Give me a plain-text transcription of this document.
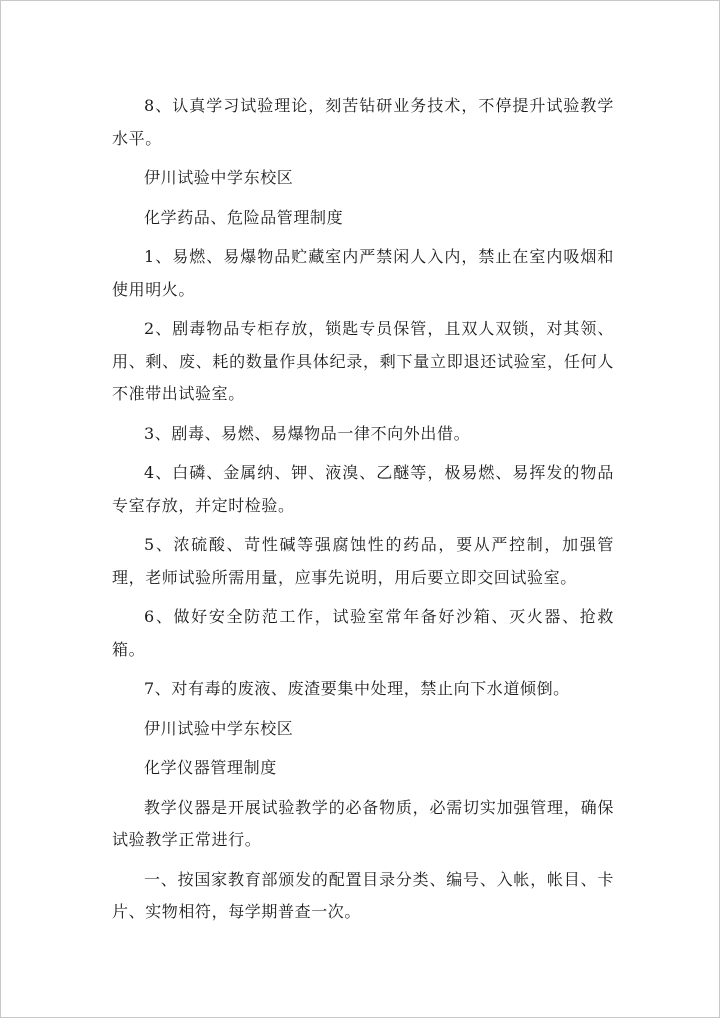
8、认真学习试验理论，刻苦钻研业务技术，不停提升试验教学水平。

伊川试验中学东校区

化学药品、危险品管理制度

1、易燃、易爆物品贮藏室内严禁闲人入内，禁止在室内吸烟和使用明火。

2、剧毒物品专柜存放，锁匙专员保管，且双人双锁，对其领、用、剩、废、耗的数量作具体纪录，剩下量立即退还试验室，任何人不准带出试验室。

3、剧毒、易燃、易爆物品一律不向外出借。

4、白磷、金属纳、钾、液溴、乙醚等，极易燃、易挥发的物品专室存放，并定时检验。

5、浓硫酸、苛性碱等强腐蚀性的药品，要从严控制，加强管理，老师试验所需用量，应事先说明，用后要立即交回试验室。

6、做好安全防范工作，试验室常年备好沙箱、灭火器、抢救箱。

7、对有毒的废液、废渣要集中处理，禁止向下水道倾倒。

伊川试验中学东校区

化学仪器管理制度

教学仪器是开展试验教学的必备物质，必需切实加强管理，确保试验教学正常进行。

一、按国家教育部颁发的配置目录分类、编号、入帐，帐目、卡片、实物相符，每学期普查一次。
